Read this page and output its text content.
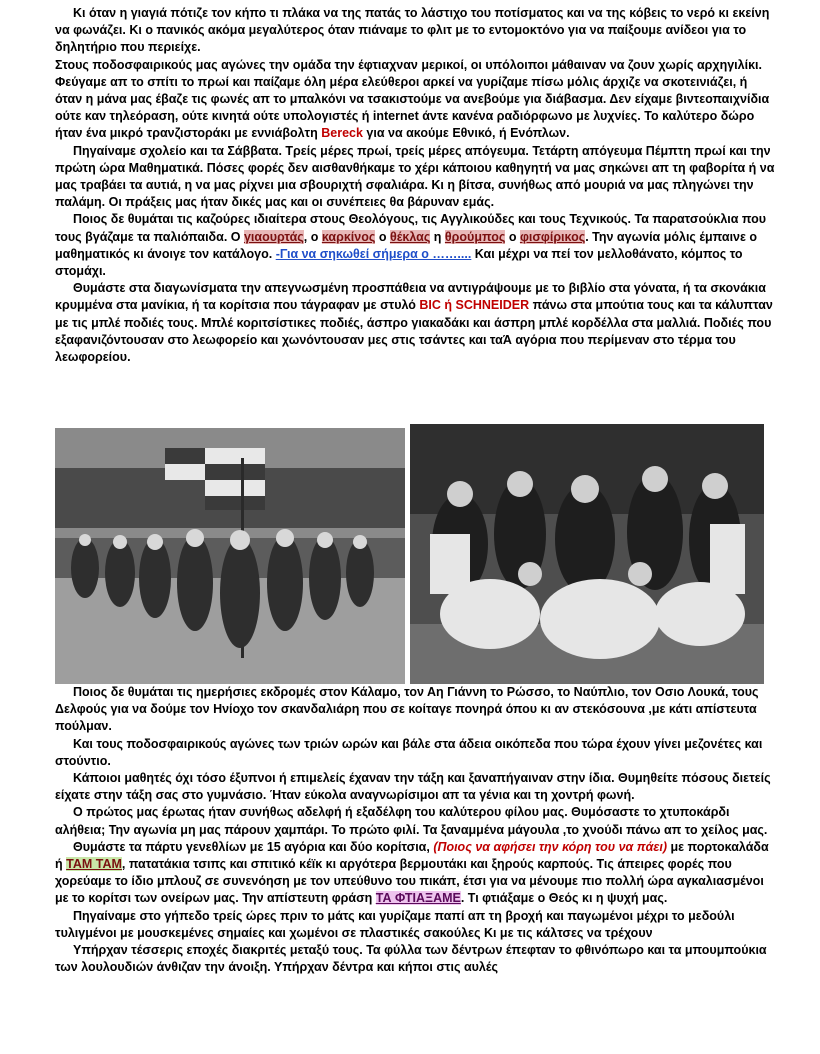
Κι όταν η γιαγιά πότιζε τον κήπο τι πλάκα να της πατάς το λάστιχο του ποτίσματος και να της κόβεις το νερό κι εκείνη να φωνάζει. Κι ο πανικός ακόμα μεγαλύτερος όταν πιάναμε το φλιτ με το εντομοκτόνο για να παίξουμε ανίδεοι για το δηλητήριο που περιείχε.

Στους ποδοσφαιρικούς μας αγώνες την ομάδα την έφτιαχναν μερικοί, οι υπόλοιποι μάθαιναν να ζουν χωρίς αρχηγιλίκι. Φεύγαμε απ το σπίτι το πρωί και παίζαμε όλη μέρα ελεύθεροι αρκεί να γυρίζαμε πίσω μόλις άρχιζε να σκοτεινιάζει, ή όταν η μάνα μας έβαζε τις φωνές απ το μπαλκόνι να τσακιστούμε να ανεβούμε για διάβασμα. Δεν είχαμε βιντεοπαιχνίδια ούτε καν τηλεόραση, ούτε κινητά ούτε υπολογιστές ή internet άντε κανένα ραδιόρφωνο με λυχνίες. Το καλύτερο δώρο ήταν ένα μικρό τρανζιστοράκι με εννιάβολτη Bereck για να ακούμε Εθνικό, ή Ενόπλων.

Πηγαίναμε σχολείο και τα Σάββατα. Τρείς μέρες πρωί, τρείς μέρες απόγευμα. Τετάρτη απόγευμα Πέμπτη πρωί και την πρώτη ώρα Μαθηματικά. Πόσες φορές δεν αισθανθήκαμε το χέρι κάποιου καθηγητή να μας σηκώνει απ τη φαβορίτα ή να μας τραβάει τα αυτιά, η να μας ρίχνει μια σβουριχτή σφαλιάρα. Κι η βίτσα, συνήθως από μουριά να μας πληγώνει την παλάμη. Οι πράξεις μας ήταν δικές μας και οι συνέπειες θα βάρυναν εμάς.

Ποιος δε θυμάται τις καζούρες ιδιαίτερα στους Θεολόγους, τις Αγγλικούδες και τους Τεχνικούς. Τα παρατσούκλια που τους βγάζαμε τα παλιόπαιδα. Ο γιαουρτάς, ο καρκίνος ο θέκλας η θρούμπος ο φισφίρικος. Την αγωνία μόλις έμπαινε ο μαθηματικός κι άνοιγε τον κατάλογο. -Για να σηκωθεί σήμερα ο …….... Και μέχρι να πεί τον μελλοθάνατο, κόμπος το στομάχι.

Θυμάστε στα διαγωνίσματα την απεγνωσμένη προσπάθεια να αντιγράψουμε με το βιβλίο στα γόνατα, ή τα σκονάκια κρυμμένα στα μανίκια, ή τα κορίτσια που τάγραφαν με στυλό BIC ή SCHNEIDER πάνω στα μπούτια τους και τα κάλυπταν με τις μπλέ ποδιές τους. Μπλέ κοριτσίστικες ποδιές, άσπρο γιακαδάκι και άσπρη μπλέ κορδέλλα στα μαλλιά. Ποδιές που εξαφανιζόντουσαν στο λεωφορείο και χωνόντουσαν μες στις τσάντες και ταΆ αγόρια που περίμεναν στο τέρμα του λεωφορείου.

Ποιος δε θυμάται τις ημερήσιες εκδρομές στον Κάλαμο, τον Αη Γιάννη το Ρώσσο, το Ναύπλιο, τον Οσιο Λουκά, τους Δελφούς για να δούμε τον Ηνίοχο τον σκανδαλιάρη που σε κοίταγε πονηρά όπου κι αν στεκόσουνα ,με κάτι απίστευτα πούλμαν.

Και τους ποδοσφαιρικούς αγώνες των τριών ωρών και βάλε στα άδεια οικόπεδα που τώρα έχουν γίνει μεζονέτες και στούντιο.

Κάποιοι μαθητές όχι τόσο έξυπνοι ή επιμελείς έχαναν την τάξη και ξαναπήγαιναν στην ίδια. Θυμηθείτε πόσους διετείς είχατε στην τάξη σας στο γυμνάσιο. Ήταν εύκολα αναγνωρίσιμοι απ τα γένια και τη χοντρή φωνή.

Ο πρώτος μας έρωτας ήταν συνήθως αδελφή ή εξαδέλφη του καλύτερου φίλου μας. Θυμόσαστε το χτυποκάρδι αλήθεια; Την αγωνία μη μας πάρουν χαμπάρι. Το πρώτο φιλί. Τα ξαναμμένα μάγουλα ,το χνούδι πάνω απ το χείλος μας.

Θυμάστε τα πάρτυ γενεθλίων με 15 αγόρια και δύο κορίτσια, (Ποιος να αφήσει την κόρη του να πάει) με πορτοκαλάδα ή ΤΑΜ ΤΑΜ, πατατάκια τσιπς και σπιτικό κέϊκ κι αργότερα βερμουτάκι και ξηρούς καρπούς. Τις άπειρες φορές που χορεύαμε το ίδιο μπλουζ σε συνενόηση με τον υπεύθυνο του πικάπ, έτσι για να μένουμε πιο πολλή ώρα αγκαλιασμένοι με το κορίτσι των ονείρων μας. Την απίστευτη φράση ΤΑ ΦΤΙΑΞΑΜΕ. Τι φτιάξαμε ο Θεός κι η ψυχή μας.

Πηγαίναμε στο γήπεδο τρείς ώρες πριν το μάτς και γυρίζαμε παπί απ τη βροχή και παγωμένοι μέχρι το μεδούλι τυλιγμένοι με μουσκεμένες σημαίες και χωμένοι σε πλαστικές σακούλες Κι με τις κάλτσες να τρέχουν

Υπήρχαν τέσσερις εποχές διακριτές μεταξύ τους. Τα φύλλα των δέντρων έπεφταν το φθινόπωρο και τα μπουμπούκια των λουλουδιών άνθιζαν την άνοιξη. Υπήρχαν δέντρα και κήποι στις αυλές
